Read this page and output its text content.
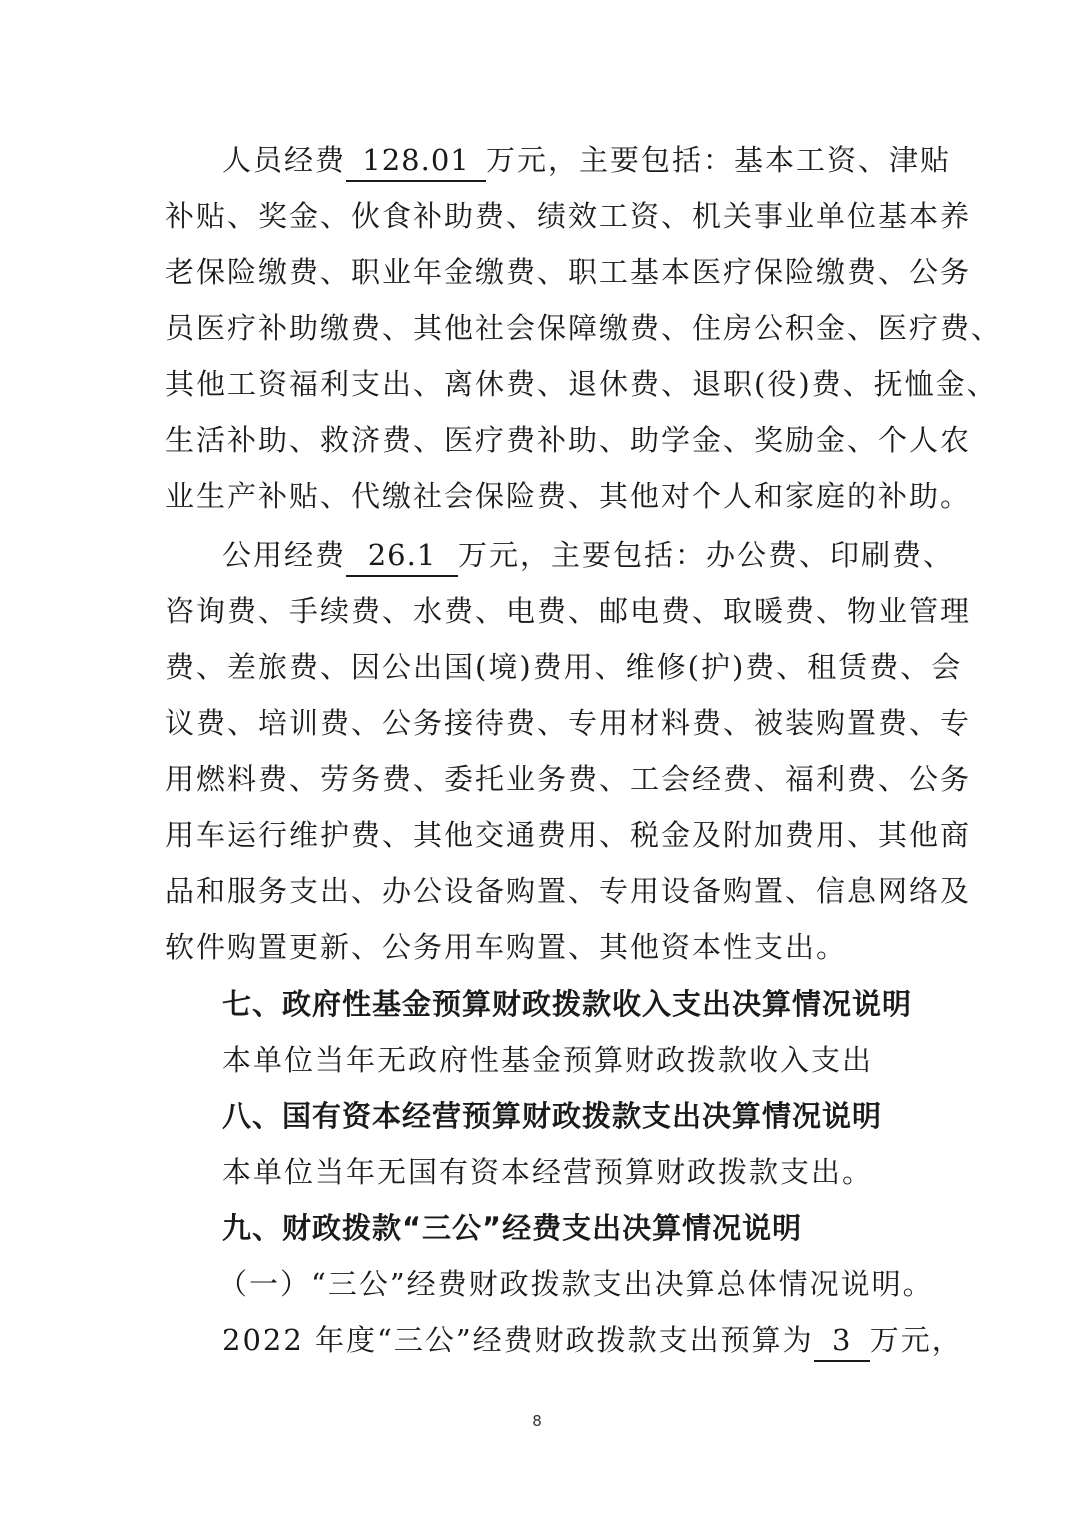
人员经费 128.01 万元，主要包括：基本工资、津贴
补贴、奖金、伙食补助费、绩效工资、机关事业单位基本养
老保险缴费、职业年金缴费、职工基本医疗保险缴费、公务
员医疗补助缴费、其他社会保障缴费、住房公积金、医疗费、
其他工资福利支出、离休费、退休费、退职(役)费、抚恤金、
生活补助、救济费、医疗费补助、助学金、奖励金、个人农
业生产补贴、代缴社会保险费、其他对个人和家庭的补助。
公用经费 26.1 万元，主要包括：办公费、印刷费、
咨询费、手续费、水费、电费、邮电费、取暖费、物业管理
费、差旅费、因公出国(境)费用、维修(护)费、租赁费、会
议费、培训费、公务接待费、专用材料费、被装购置费、专
用燃料费、劳务费、委托业务费、工会经费、福利费、公务
用车运行维护费、其他交通费用、税金及附加费用、其他商
品和服务支出、办公设备购置、专用设备购置、信息网络及
软件购置更新、公务用车购置、其他资本性支出。
七、政府性基金预算财政拨款收入支出决算情况说明
本单位当年无政府性基金预算财政拨款收入支出
八、国有资本经营预算财政拨款支出决算情况说明
本单位当年无国有资本经营预算财政拨款支出。
九、财政拨款“三公”经费支出决算情况说明
（一）“三公”经费财政拨款支出决算总体情况说明。
2022 年度“三公”经费财政拨款支出预算为 3 万元，
8
